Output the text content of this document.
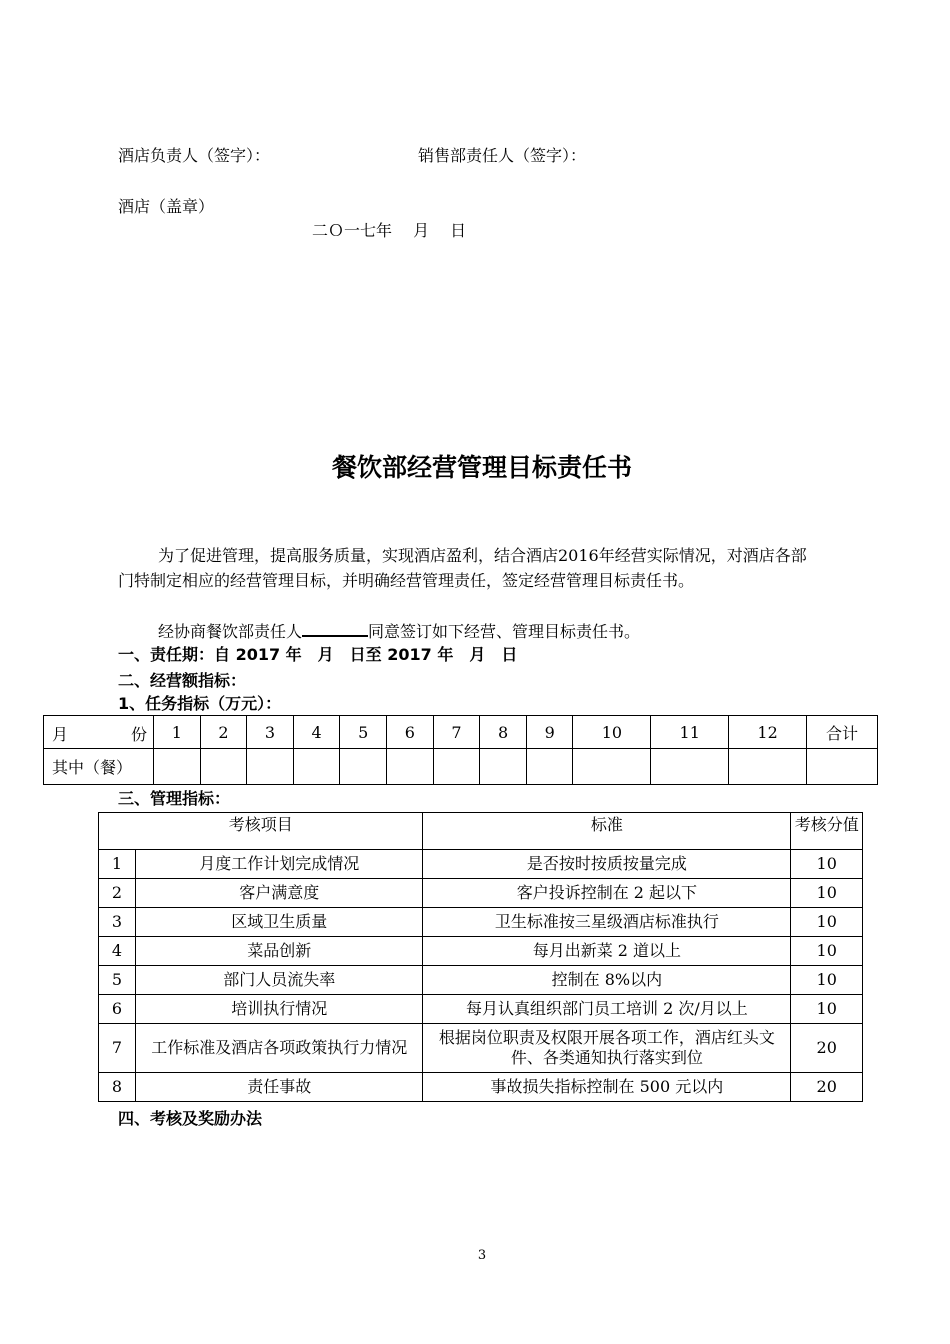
酒店负责人（签字）：	销售部责任人（签字）：
酒店（盖章）
二Ｏ一七年　 月 　日
餐饮部经营管理目标责任书
为了促进管理，提高服务质量，实现酒店盈利，结合酒店2016年经营实际情况，对酒店各部门特制定相应的经营管理目标，并明确经营管理责任，签定经营管理目标责任书。
经协商餐饮部责任人	同意签订如下经营、管理目标责任书。
一、责任期：自 2017 年　月　日至 2017 年　月　日
二、经营额指标：
1、任务指标（万元）：
月 份	1	2	3	4	5	6	7	8	9	10	11	12	合计
其中（餐）													
三、管理指标：
考核项目		标准	考核分值
1	月度工作计划完成情况	是否按时按质按量完成	10
2	客户满意度	客户投诉控制在 2 起以下	10
3	区域卫生质量	卫生标准按三星级酒店标准执行	10
4	菜品创新	每月出新菜 2 道以上	10
5	部门人员流失率	控制在 8%以内	10
6	培训执行情况	每月认真组织部门员工培训 2 次/月以上	10
7	工作标准及酒店各项政策执行力情况	根据岗位职责及权限开展各项工作，酒店红头文件、各类通知执行落实到位	20
8	责任事故	事故损失指标控制在 500 元以内	20
四、考核及奖励办法
3
